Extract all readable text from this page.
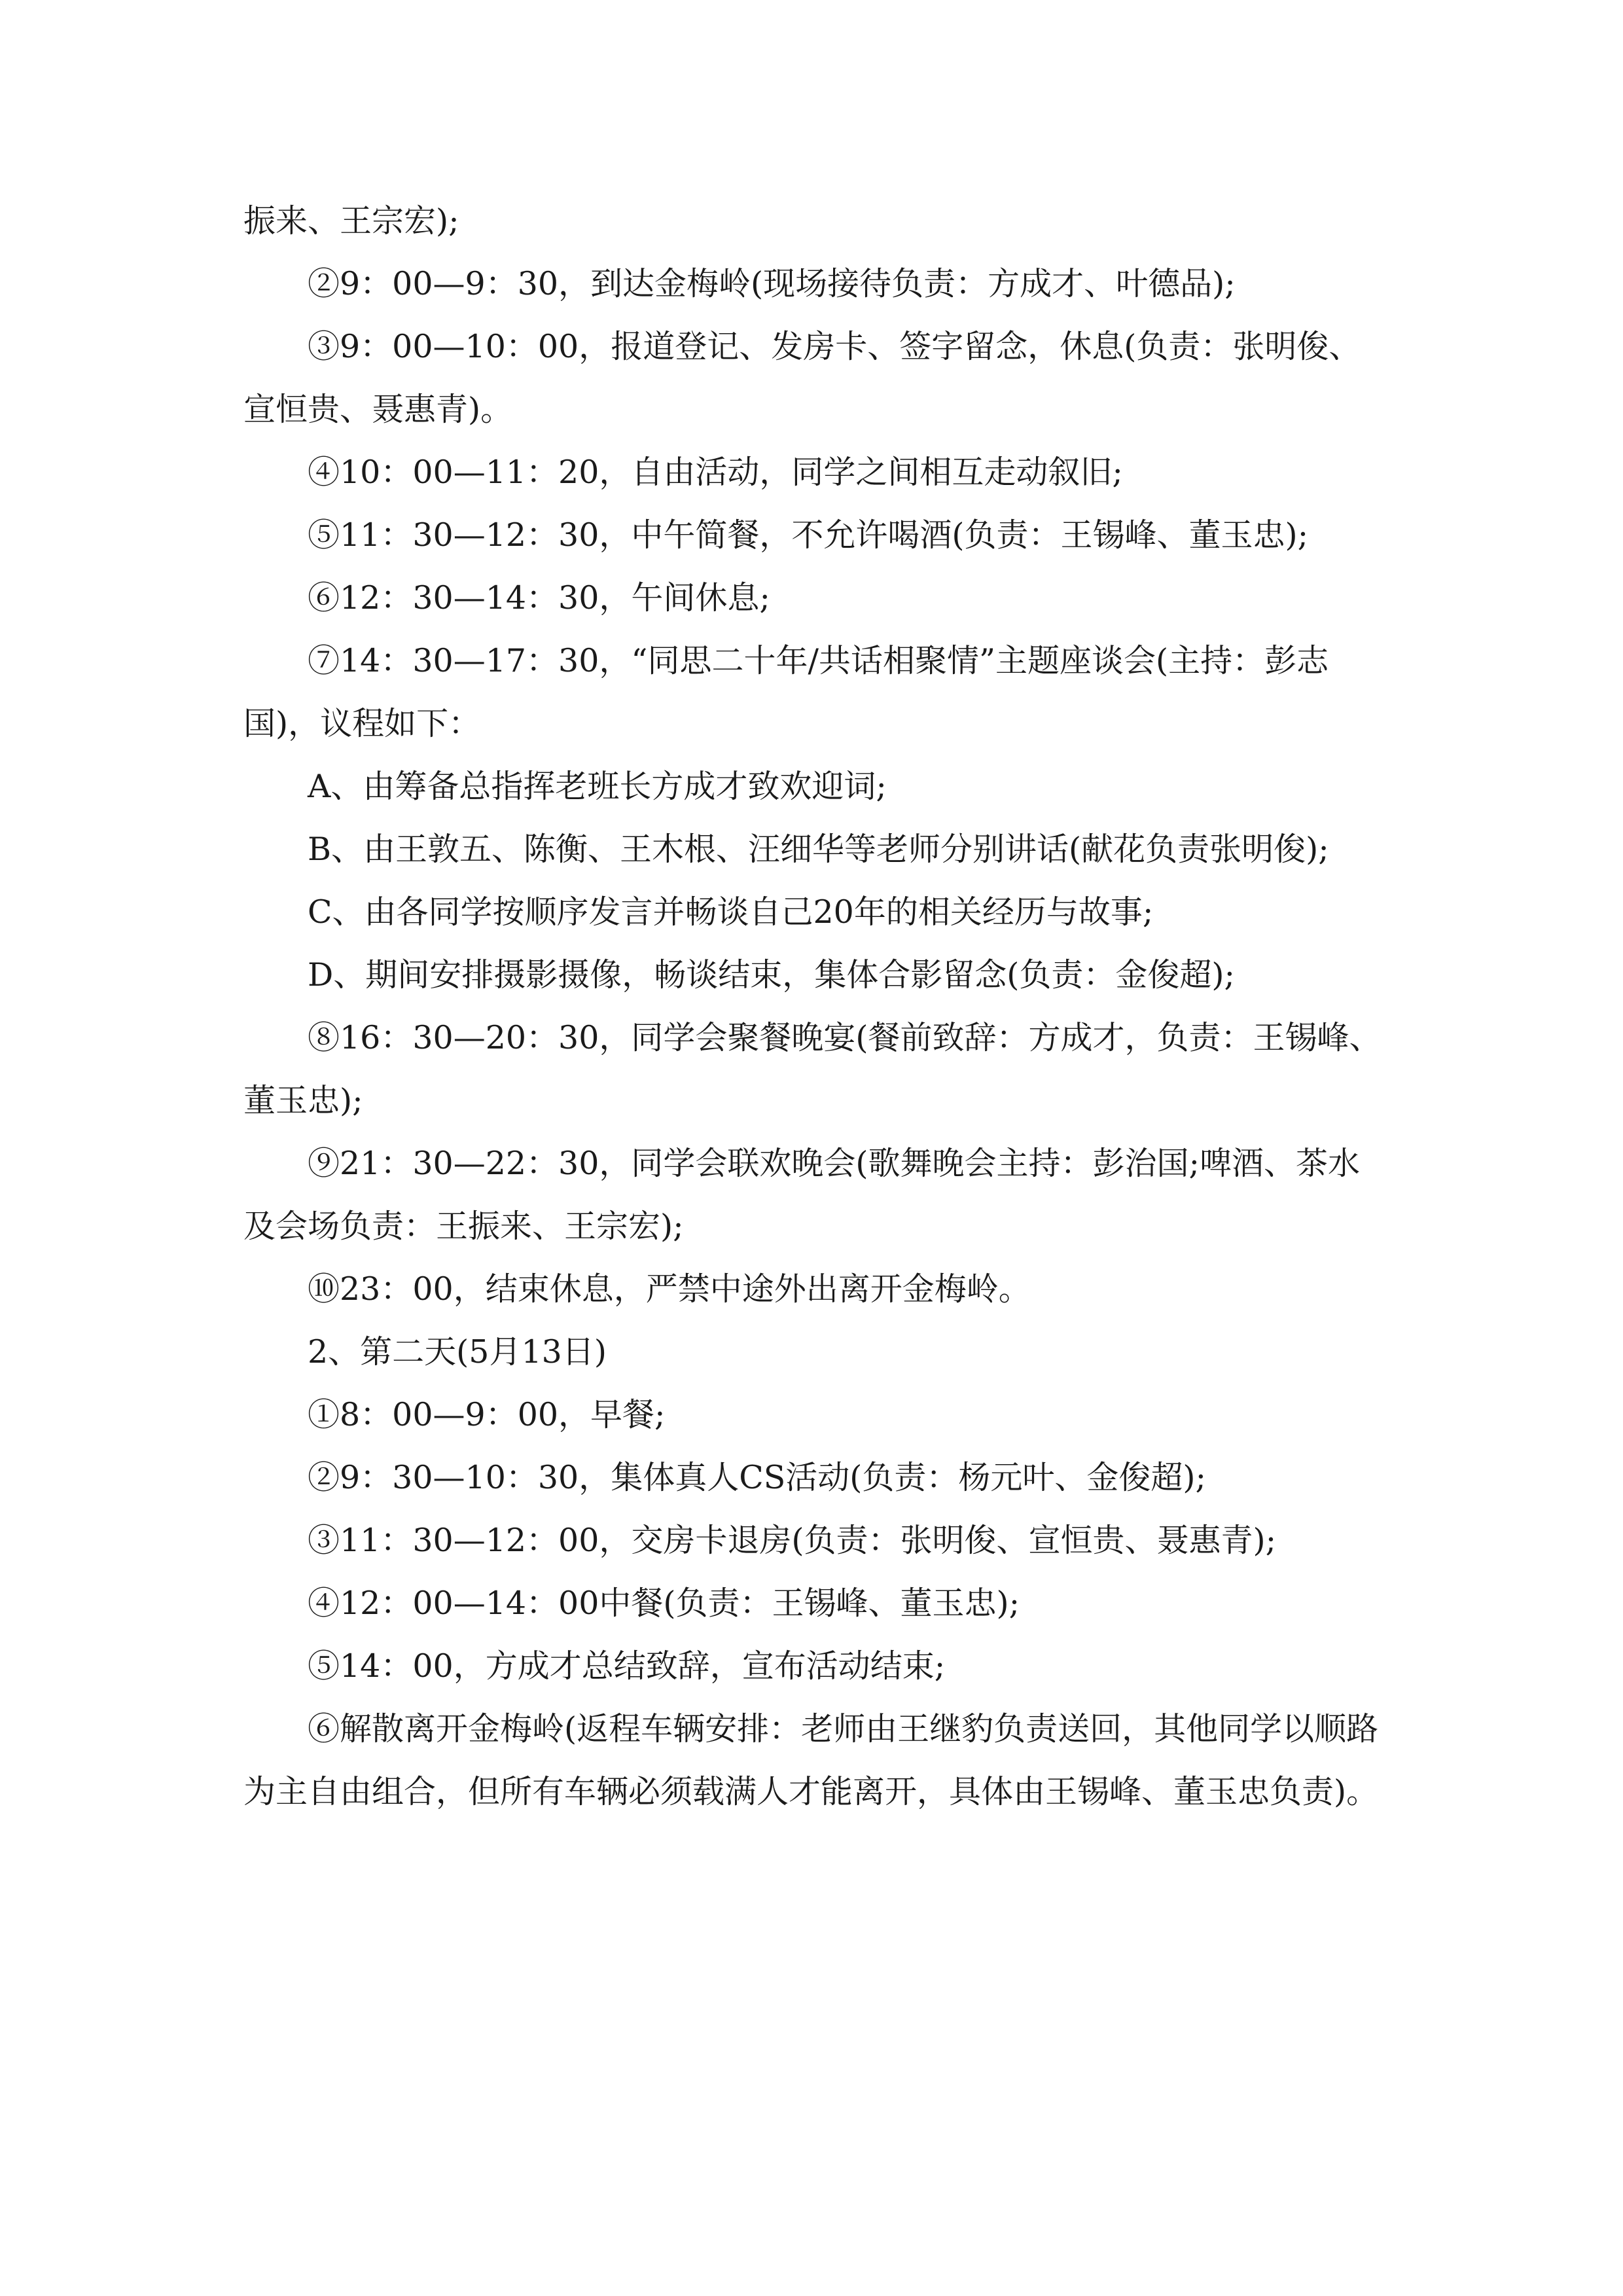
振来、王宗宏);

②9：00—9：30，到达金梅岭(现场接待负责：方成才、叶德品);

③9：00—10：00，报道登记、发房卡、签字留念，休息(负责：张明俊、宣恒贵、聂惠青)。

④10：00—11：20，自由活动，同学之间相互走动叙旧;

⑤11：30—12：30，中午简餐，不允许喝酒(负责：王锡峰、董玉忠);

⑥12：30—14：30，午间休息;

⑦14：30—17：30，“同思二十年/共话相聚情”主题座谈会(主持：彭志国)，议程如下：

A、由筹备总指挥老班长方成才致欢迎词;

B、由王敦五、陈衡、王木根、汪细华等老师分别讲话(献花负责张明俊);

C、由各同学按顺序发言并畅谈自己20年的相关经历与故事;

D、期间安排摄影摄像，畅谈结束，集体合影留念(负责：金俊超);

⑧16：30—20：30，同学会聚餐晚宴(餐前致辞：方成才，负责：王锡峰、董玉忠);

⑨21：30—22：30，同学会联欢晚会(歌舞晚会主持：彭治国;啤酒、茶水及会场负责：王振来、王宗宏);

⑩23：00，结束休息，严禁中途外出离开金梅岭。

2、第二天(5月13日)

①8：00—9：00，早餐;

②9：30—10：30，集体真人CS活动(负责：杨元叶、金俊超);

③11：30—12：00，交房卡退房(负责：张明俊、宣恒贵、聂惠青);

④12：00—14：00中餐(负责：王锡峰、董玉忠);

⑤14：00，方成才总结致辞，宣布活动结束;

⑥解散离开金梅岭(返程车辆安排：老师由王继豹负责送回，其他同学以顺路为主自由组合，但所有车辆必须载满人才能离开，具体由王锡峰、董玉忠负责)。
